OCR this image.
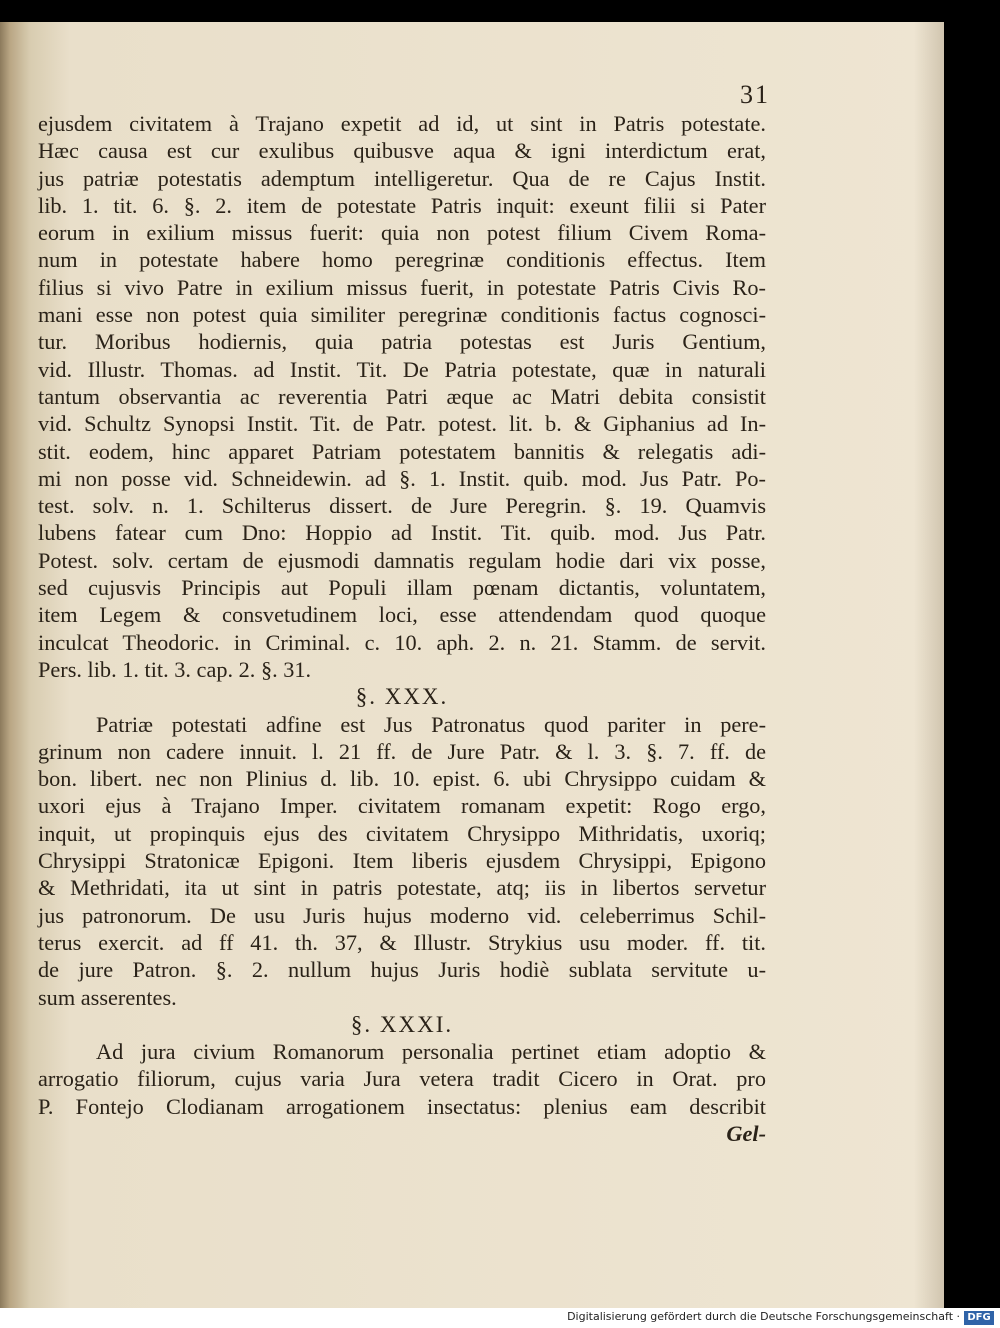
31
ejusdem civitatem à Trajano expetit ad id, ut sint in Patris potestate.
Hæc causa est cur exulibus quibusve aqua & igni interdictum erat,
jus patriæ potestatis ademptum intelligeretur. Qua de re Cajus Instit.
lib. 1. tit. 6. §. 2. item de potestate Patris inquit: exeunt filii si Pater
eorum in exilium missus fuerit: quia non potest filium Civem Roma-
num in potestate habere homo peregrinæ conditionis effectus. Item
filius si vivo Patre in exilium missus fuerit, in potestate Patris Civis Ro-
mani esse non potest quia similiter peregrinæ conditionis factus cognosci-
tur. Moribus hodiernis, quia patria potestas est Juris Gentium,
vid. Illustr. Thomas. ad Instit. Tit. De Patria potestate, quæ in naturali
tantum observantia ac reverentia Patri æque ac Matri debita consistit
vid. Schultz Synopsi Instit. Tit. de Patr. potest. lit. b. & Giphanius ad In-
stit. eodem, hinc apparet Patriam potestatem bannitis & relegatis adi-
mi non posse vid. Schneidewin. ad §. 1. Instit. quib. mod. Jus Patr. Po-
test. solv. n. 1. Schilterus dissert. de Jure Peregrin. §. 19. Quamvis
lubens fatear cum Dno: Hoppio ad Instit. Tit. quib. mod. Jus Patr.
Potest. solv. certam de ejusmodi damnatis regulam hodie dari vix posse,
sed cujusvis Principis aut Populi illam pœnam dictantis, voluntatem,
item Legem & consvetudinem loci, esse attendendam quod quoque
inculcat Theodoric. in Criminal. c. 10. aph. 2. n. 21. Stamm. de servit.
Pers. lib. 1. tit. 3. cap. 2. §. 31.
§. XXX.
Patriæ potestati adfine est Jus Patronatus quod pariter in pere-
grinum non cadere innuit. l. 21 ff. de Jure Patr. & l. 3. §. 7. ff. de
bon. libert. nec non Plinius d. lib. 10. epist. 6. ubi Chrysippo cuidam &
uxori ejus à Trajano Imper. civitatem romanam expetit: Rogo ergo,
inquit, ut propinquis ejus des civitatem Chrysippo Mithridatis, uxoriq;
Chrysippi Stratonicæ Epigoni. Item liberis ejusdem Chrysippi, Epigono
& Methridati, ita ut sint in patris potestate, atq; iis in libertos servetur
jus patronorum. De usu Juris hujus moderno vid. celeberrimus Schil-
terus exercit. ad ff 41. th. 37, & Illustr. Strykius usu moder. ff. tit.
de jure Patron. §. 2. nullum hujus Juris hodiè sublata servitute u-
sum asserentes.
§. XXXI.
Ad jura civium Romanorum personalia pertinet etiam adoptio &
arrogatio filiorum, cujus varia Jura vetera tradit Cicero in Orat. pro
P. Fontejo Clodianam arrogationem insectatus: plenius eam describit
Gel-
Digitalisierung gefördert durch die Deutsche Forschungsgemeinschaft · DFG
